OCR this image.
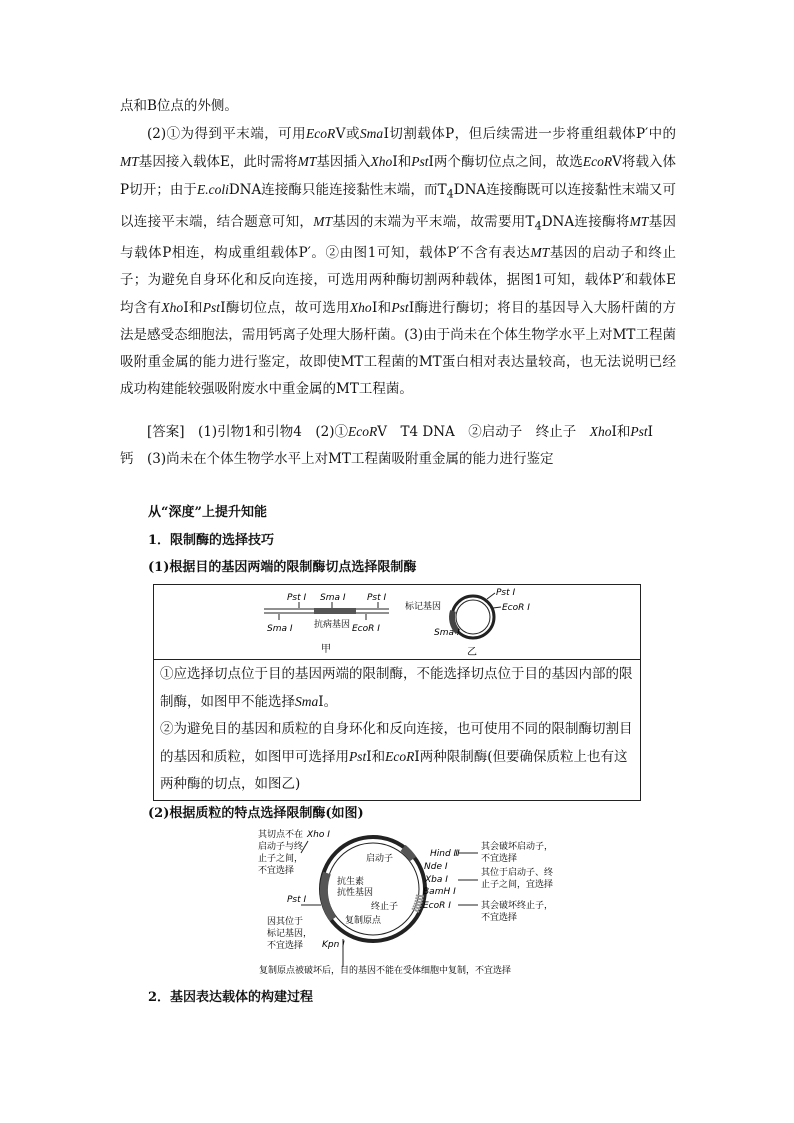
点和B位点的外侧。

(2)①为得到平末端，可用EcoRⅤ或SmaⅠ切割载体P，但后续需进一步将重组载体P′中的MT基因接入载体E，此时需将MT基因插入XhoⅠ和PstⅠ两个酶切位点之间，故选EcoRⅤ将载入体P切开；由于E.coliDNA连接酶只能连接黏性末端，而$T_4DNA$连接酶既可以连接黏性末端又可以连接平末端，结合题意可知，MT基因的末端为平末端，故需要用$T_4DNA$连接酶将MT基因与载体P相连，构成重组载体P′。②由图1可知，载体P′不含有表达MT基因的启动子和终止子；为避免自身环化和反向连接，可选用两种酶切割两种载体，据图1可知，载体P′和载体E均含有XhoⅠ和PstⅠ酶切位点，故可选用XhoⅠ和PstⅠ酶进行酶切；将目的基因导入大肠杆菌的方法是感受态细胞法，需用钙离子处理大肠杆菌。(3)由于尚未在个体生物学水平上对MT工程菌吸附重金属的能力进行鉴定，故即使MT工程菌的MT蛋白相对表达量较高，也无法说明已经成功构建能较强吸附废水中重金属的MT工程菌。

[答案]　 (1)引物1和引物4　(2)①EcoRⅤ　 T4 DNA　②启动子　终止子　XhoⅠ和PstⅠ　钙　(3)尚未在个体生物学水平上对MT工程菌吸附重金属的能力进行鉴定

从“深度”上提升知能

1．限制酶的选择技巧

(1)根据目的基因两端的限制酶切点选择限制酶

Pst Ⅰ Sma Ⅰ Pst Ⅰ
Sma Ⅰ 抗病基因 EcoR Ⅰ
甲
标记基因
Pst Ⅰ
EcoR Ⅰ
Sma Ⅰ
乙
①应选择切点位于目的基因两端的限制酶，不能选择切点位于目的基因内部的限制酶，如图甲不能选择SmaⅠ。
②为避免目的基因和质粒的自身环化和反向连接，也可使用不同的限制酶切割目的基因和质粒，如图甲可选择用PstⅠ和EcoRⅠ两种限制酶(但要确保质粒上也有这两种酶的切点，如图乙)

(2)根据质粒的特点选择限制酶(如图)

其切点不在
启动子与终
止子之间，
不宜选择
Xho Ⅰ
Pst Ⅰ
因其位于
标记基因，
不宜选择 Kpn Ⅰ
启动子
抗生素
抗性基因
终止子
复制原点
Hind Ⅲ
Nde Ⅰ
Xba Ⅰ
BamH Ⅰ
EcoR Ⅰ
其会破坏启动子，
不宜选择
其位于启动子、终
止子之间，宜选择
其会破坏终止子，
不宜选择
复制原点被破坏后，目的基因不能在受体细胞中复制，不宜选择

2．基因表达载体的构建过程
